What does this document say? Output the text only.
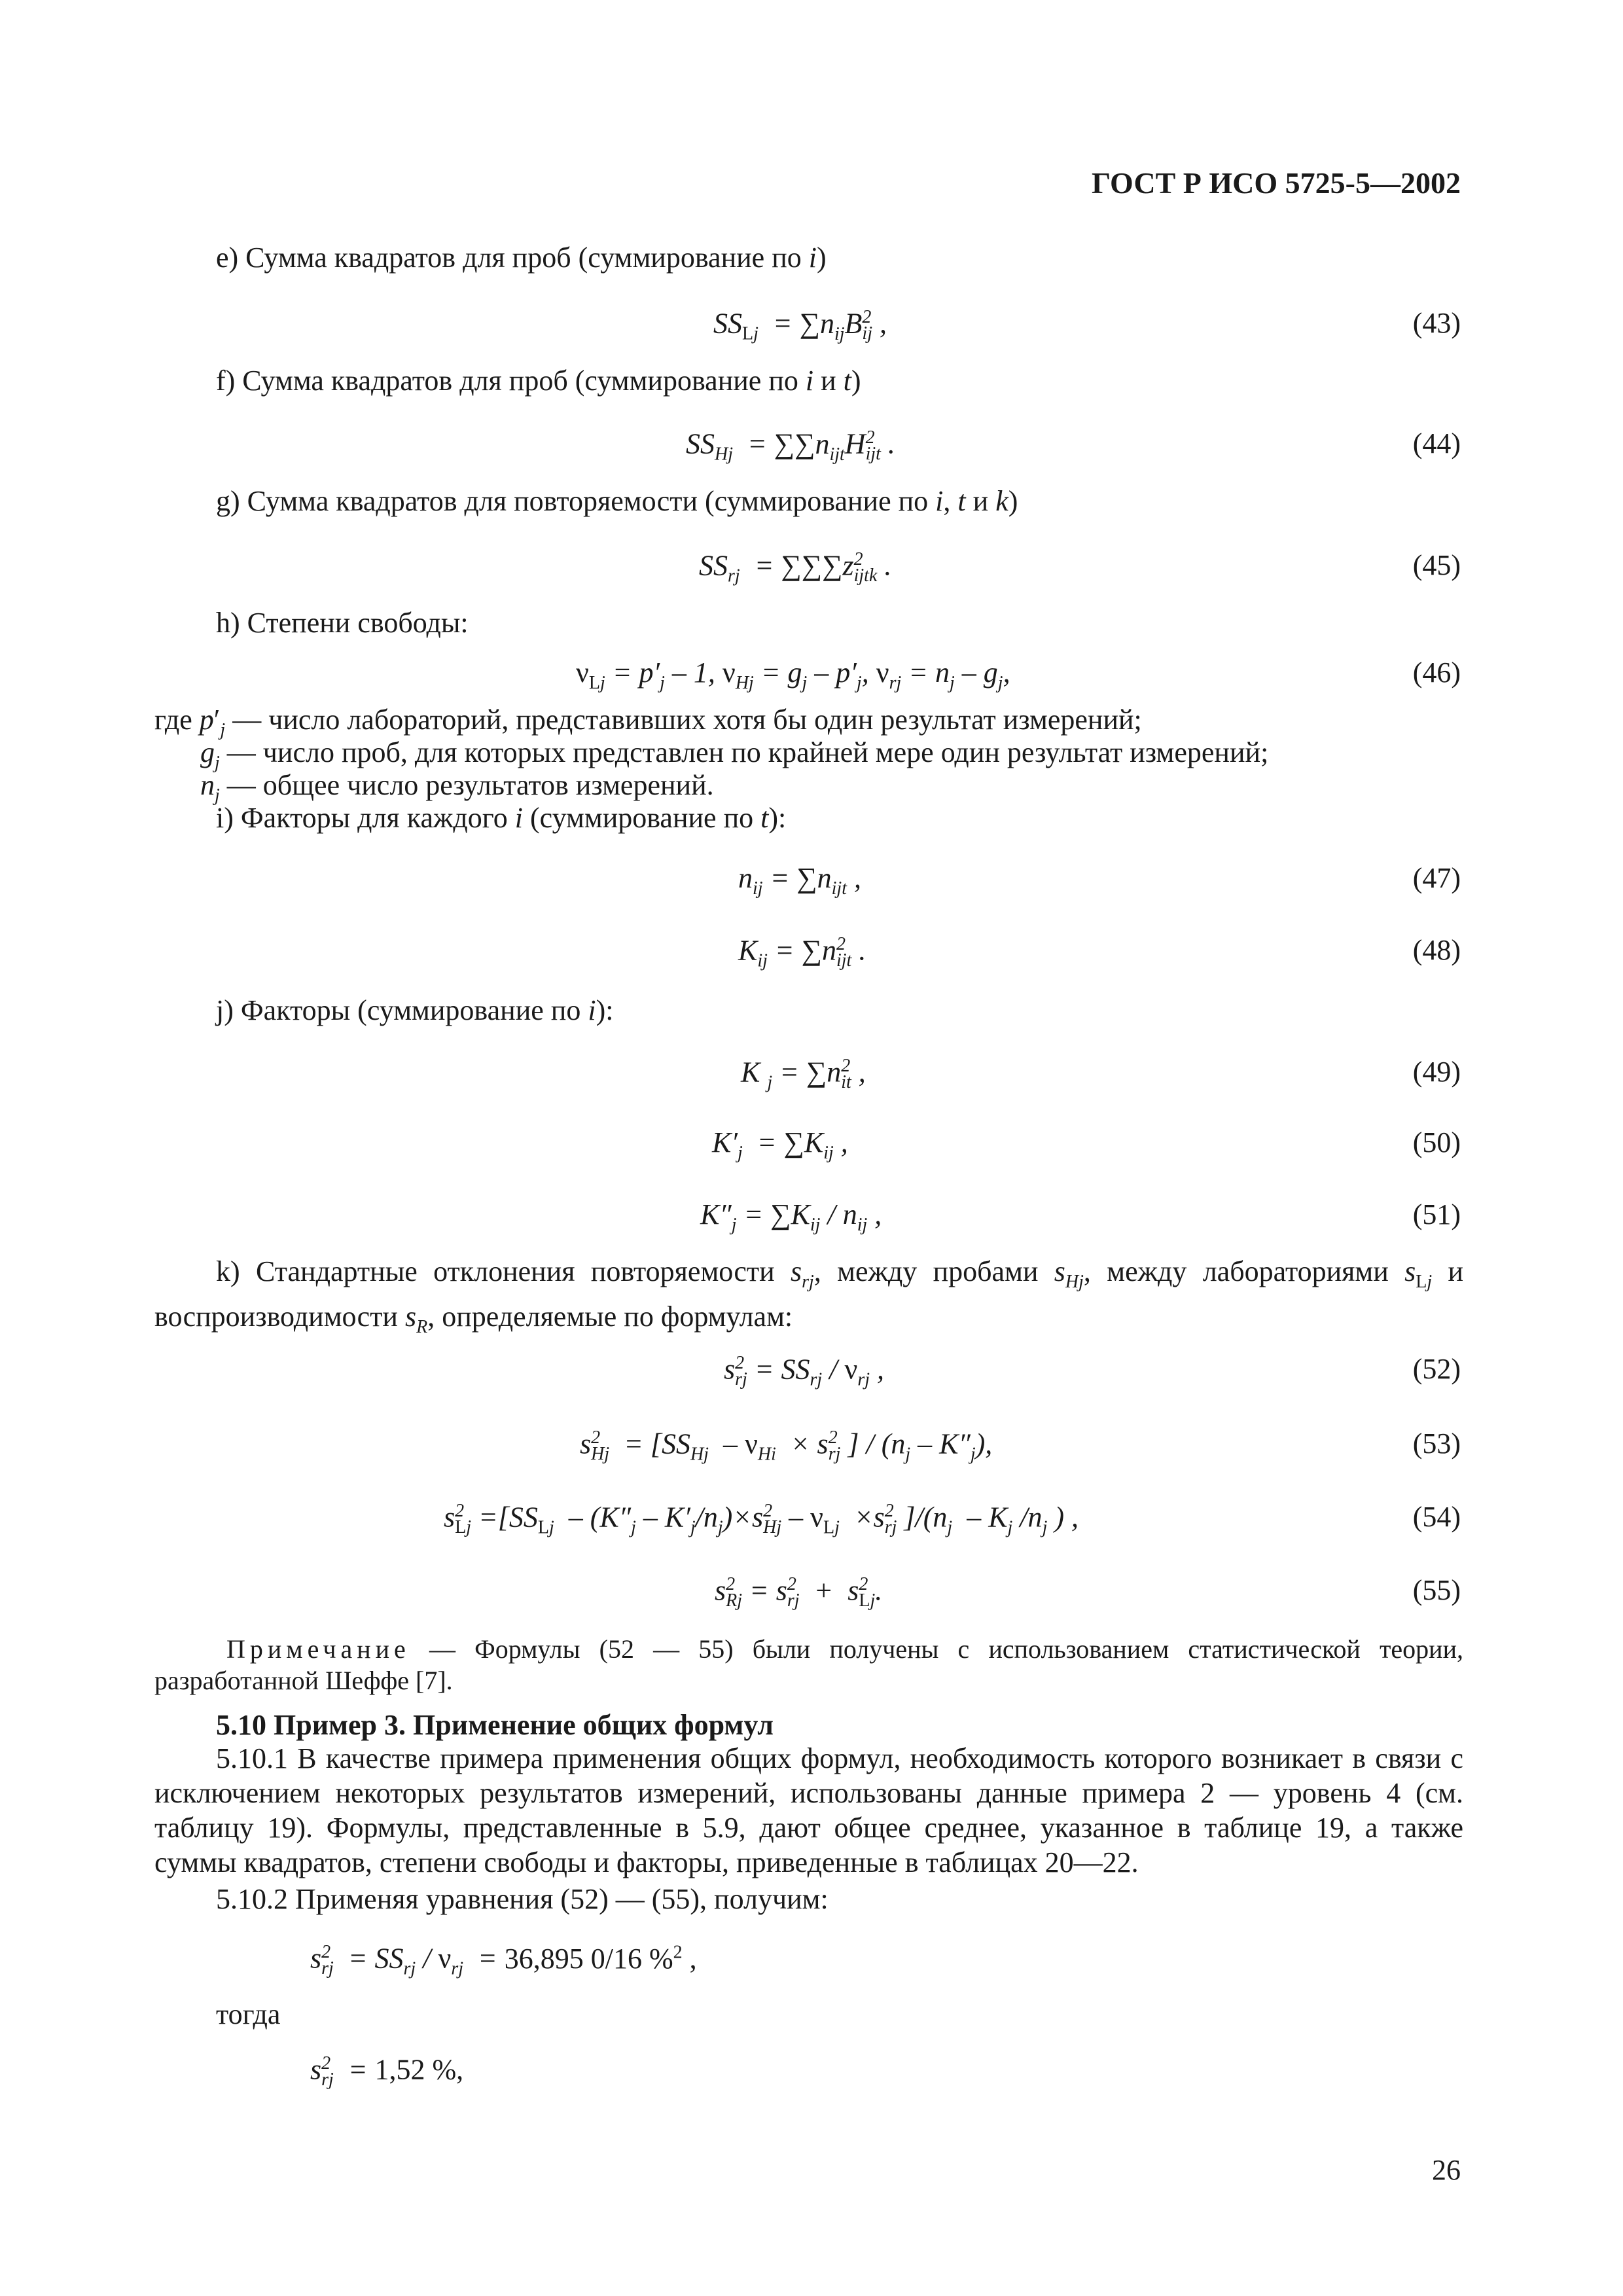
ГОСТ Р ИСО 5725-5—2002
е) Сумма квадратов для проб (суммирование по i)
$SS_{Lj} = \sum n_{ij}B^2_{ij}$ ,	(43)
f) Сумма квадратов для проб (суммирование по i и t)
$SS_{Hj} = \sum\sum n_{ijt}H^2_{ijt}$ .	(44)
g) Сумма квадратов для повторяемости (суммирование по i, t и k)
$SS_{rj} = \sum\sum\sum z^2_{ijtk}$ .	(45)
h) Степени свободы:
$\nu_{Lj} = p'_j - 1$, $\nu_{Hj} = g_j - p'_j$, $\nu_{rj} = n_j - g_j$,	(46)
где $p'_j$ — число лабораторий, представивших хотя бы один результат измерений;
$g_j$ — число проб, для которых представлен по крайней мере один результат измерений;
$n_j$ — общее число результатов измерений.
i) Факторы для каждого i (суммирование по t):
$n_{ij} = \sum n_{ijt}$ ,	(47)
$K_{ij} = \sum n^2_{ijt}$ .	(48)
j) Факторы (суммирование по i):
K $_j = \sum n^2_{it}$ ,	(49)
$K'_j = \sum K_{ij}$ ,	(50)
$K''_j = \sum K_{ij} / n_{ij}$ ,	(51)
k) Стандартные отклонения повторяемости $s_{rj}$, между пробами $s_{Hj}$, между лабораториями $s_{Lj}$ и воспроизводимости $s_R$, определяемые по формулам:
$s^2_{rj} = SS_{rj} / \nu_{rj}$ ,	(52)
$s^2_{Hj} = [SS_{Hj} - \nu_{Hi} \times s^2_{rj}$ ] / $(n_j - K''_j)$,	(53)
$s^2_{Lj} =[SS_{Lj} - (K''_j - K'_j/n_j)\times s^2_{Hj} - \nu_{Lj} \times s^2_{rj}$ ]$/(n_j - K_j$ $/n_j$ ) ,	(54)
$s^2_{Rj} = s^2_{rj} + s^2_{Lj}$.	(55)
Примечание — Формулы (52 — 55) были получены с использованием статистической теории, разработанной Шеффе [7].
5.10 Пример 3. Применение общих формул
5.10.1 В качестве примера применения общих формул, необходимость которого возникает в связи с исключением некоторых результатов измерений, использованы данные примера 2 — уровень 4 (см. таблицу 19). Формулы, представленные в 5.9, дают общее среднее, указанное в таблице 19, а также суммы квадратов, степени свободы и факторы, приведенные в таблицах 20—22.
5.10.2 Применяя уравнения (52) — (55), получим:
$s^2_{rj} = SS_{rj} / \nu_{rj} = 36,895$ 0/16 %$^2$ ,
тогда
$s^2_{rj} = 1,52$ %,
26
